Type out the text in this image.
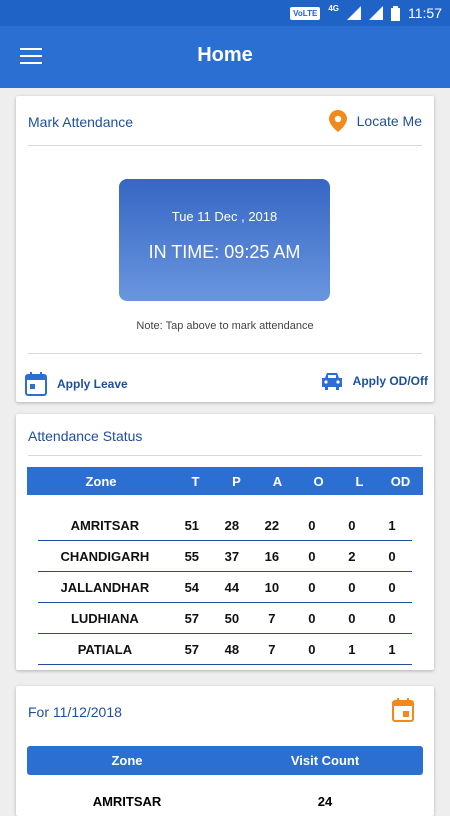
VoLTE
4G	11:57
Home
Mark Attendance	Locate Me
Tue 11 Dec , 2018
IN TIME: 09:25 AM
Note: Tap above to mark attendance
Apply Leave	Apply OD/Off
Attendance Status
Zone	T	P	A	O	L	OD
AMRITSAR	51	28	22	0	0	1
CHANDIGARH	55	37	16	0	2	0
JALLANDHAR	54	44	10	0	0	0
LUDHIANA	57	50	7	0	0	0
PATIALA	57	48	7	0	1	1
For 11/12/2018
Zone	Visit Count
AMRITSAR	24
